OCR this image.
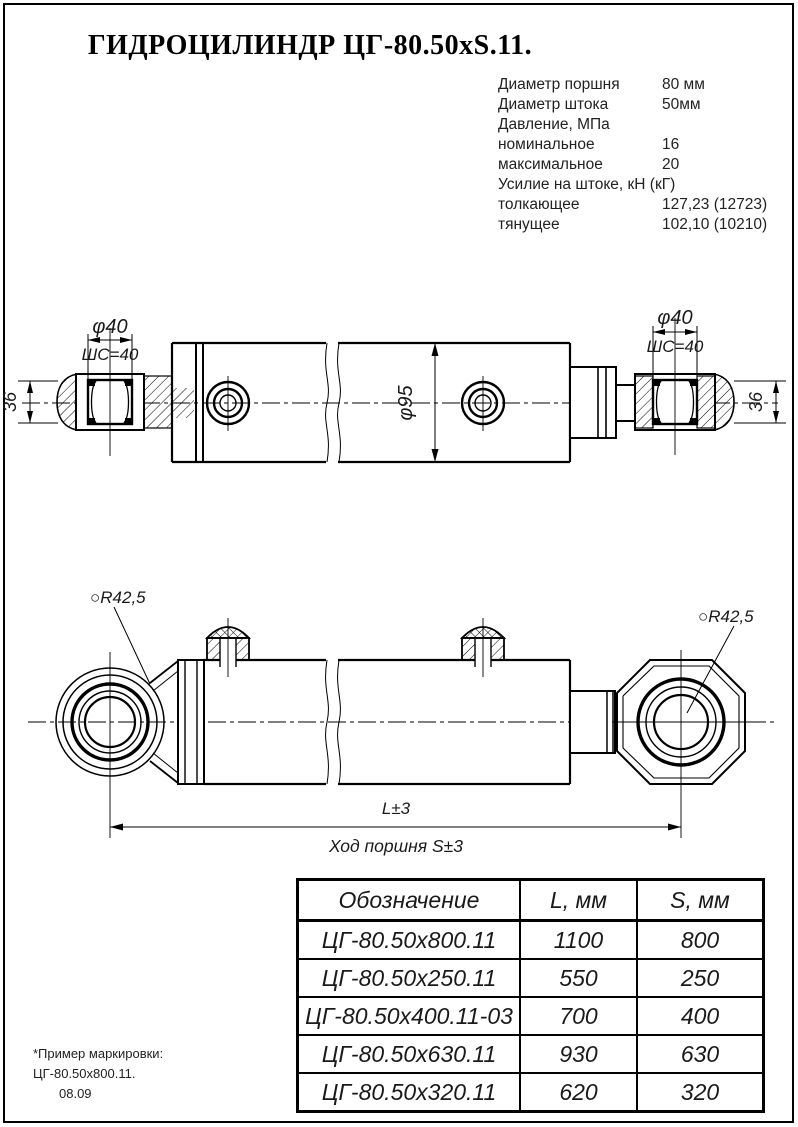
ГИДРОЦИЛИНДР ЦГ-80.50xS.11.
Диаметр поршня	80 мм
Диаметр штока	50мм
Давление, МПа
номинальное	16
максимальное	20
Усилие на штоке, кН (кГ)
толкающее	127,23 (12723)
тянущее	102,10 (10210)
φ40
ШС=40
φ40
ШС=40
φ95
36	36
○R42,5
○R42,5
L±3
Ход поршня S±3
Обозначение	L, мм	S, мм
ЦГ-80.50х800.11	1100	800
ЦГ-80.50х250.11	550	250
ЦГ-80.50х400.11-03	700	400
ЦГ-80.50х630.11	930	630
ЦГ-80.50х320.11	620	320
*Пример маркировки:
ЦГ-80.50х800.11.
08.09
